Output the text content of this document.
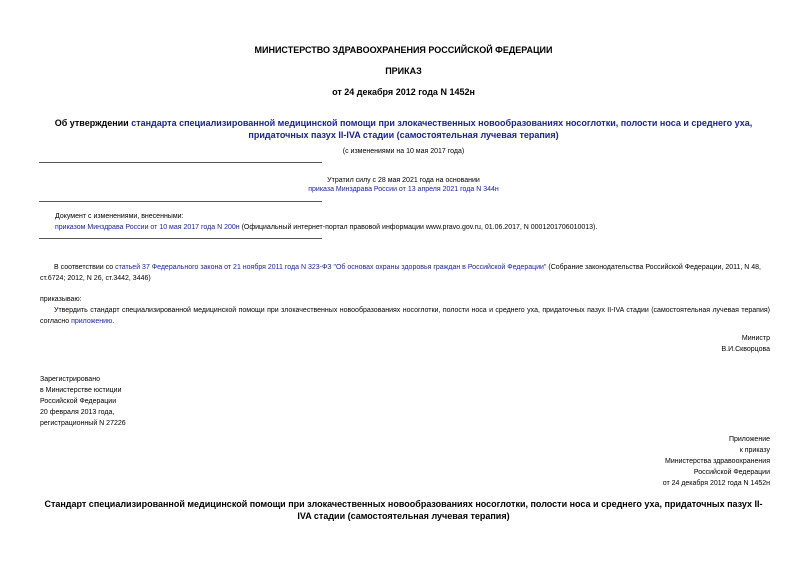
МИНИСТЕРСТВО ЗДРАВООХРАНЕНИЯ РОССИЙСКОЙ ФЕДЕРАЦИИ
ПРИКАЗ
от 24 декабря 2012 года N 1452н
Об утверждении стандарта специализированной медицинской помощи при злокачественных новообразованиях носоглотки, полости носа и среднего уха, придаточных пазух II-IVA стадии (самостоятельная лучевая терапия)
(с изменениями на 10 мая 2017 года)
Утратил силу с 28 мая 2021 года на основании
приказа Минздрава России от 13 апреля 2021 года N 344н
Документ с изменениями, внесенными:
приказом Минздрава России от 10 мая 2017 года N 200н (Официальный интернет-портал правовой информации www.pravo.gov.ru, 01.06.2017, N 0001201706010013).
В соответствии со статьей 37 Федерального закона от 21 ноября 2011 года N 323-ФЗ "Об основах охраны здоровья граждан в Российской Федерации" (Собрание законодательства Российской Федерации, 2011, N 48, ст.6724; 2012, N 26, ст.3442, 3446)
приказываю:
Утвердить стандарт специализированной медицинской помощи при злокачественных новообразованиях носоглотки, полости носа и среднего уха, придаточных пазух II-IVA стадии (самостоятельная лучевая терапия) согласно приложению.
Министр
В.И.Скворцова
Зарегистрировано
в Министерстве юстиции
Российской Федерации
20 февраля 2013 года,
регистрационный N 27226
Приложение
к приказу
Министерства здравоохранения
Российской Федерации
от 24 декабря 2012 года N 1452н
Стандарт специализированной медицинской помощи при злокачественных новообразованиях носоглотки, полости носа и среднего уха, придаточных пазух II-IVA стадии (самостоятельная лучевая терапия)
